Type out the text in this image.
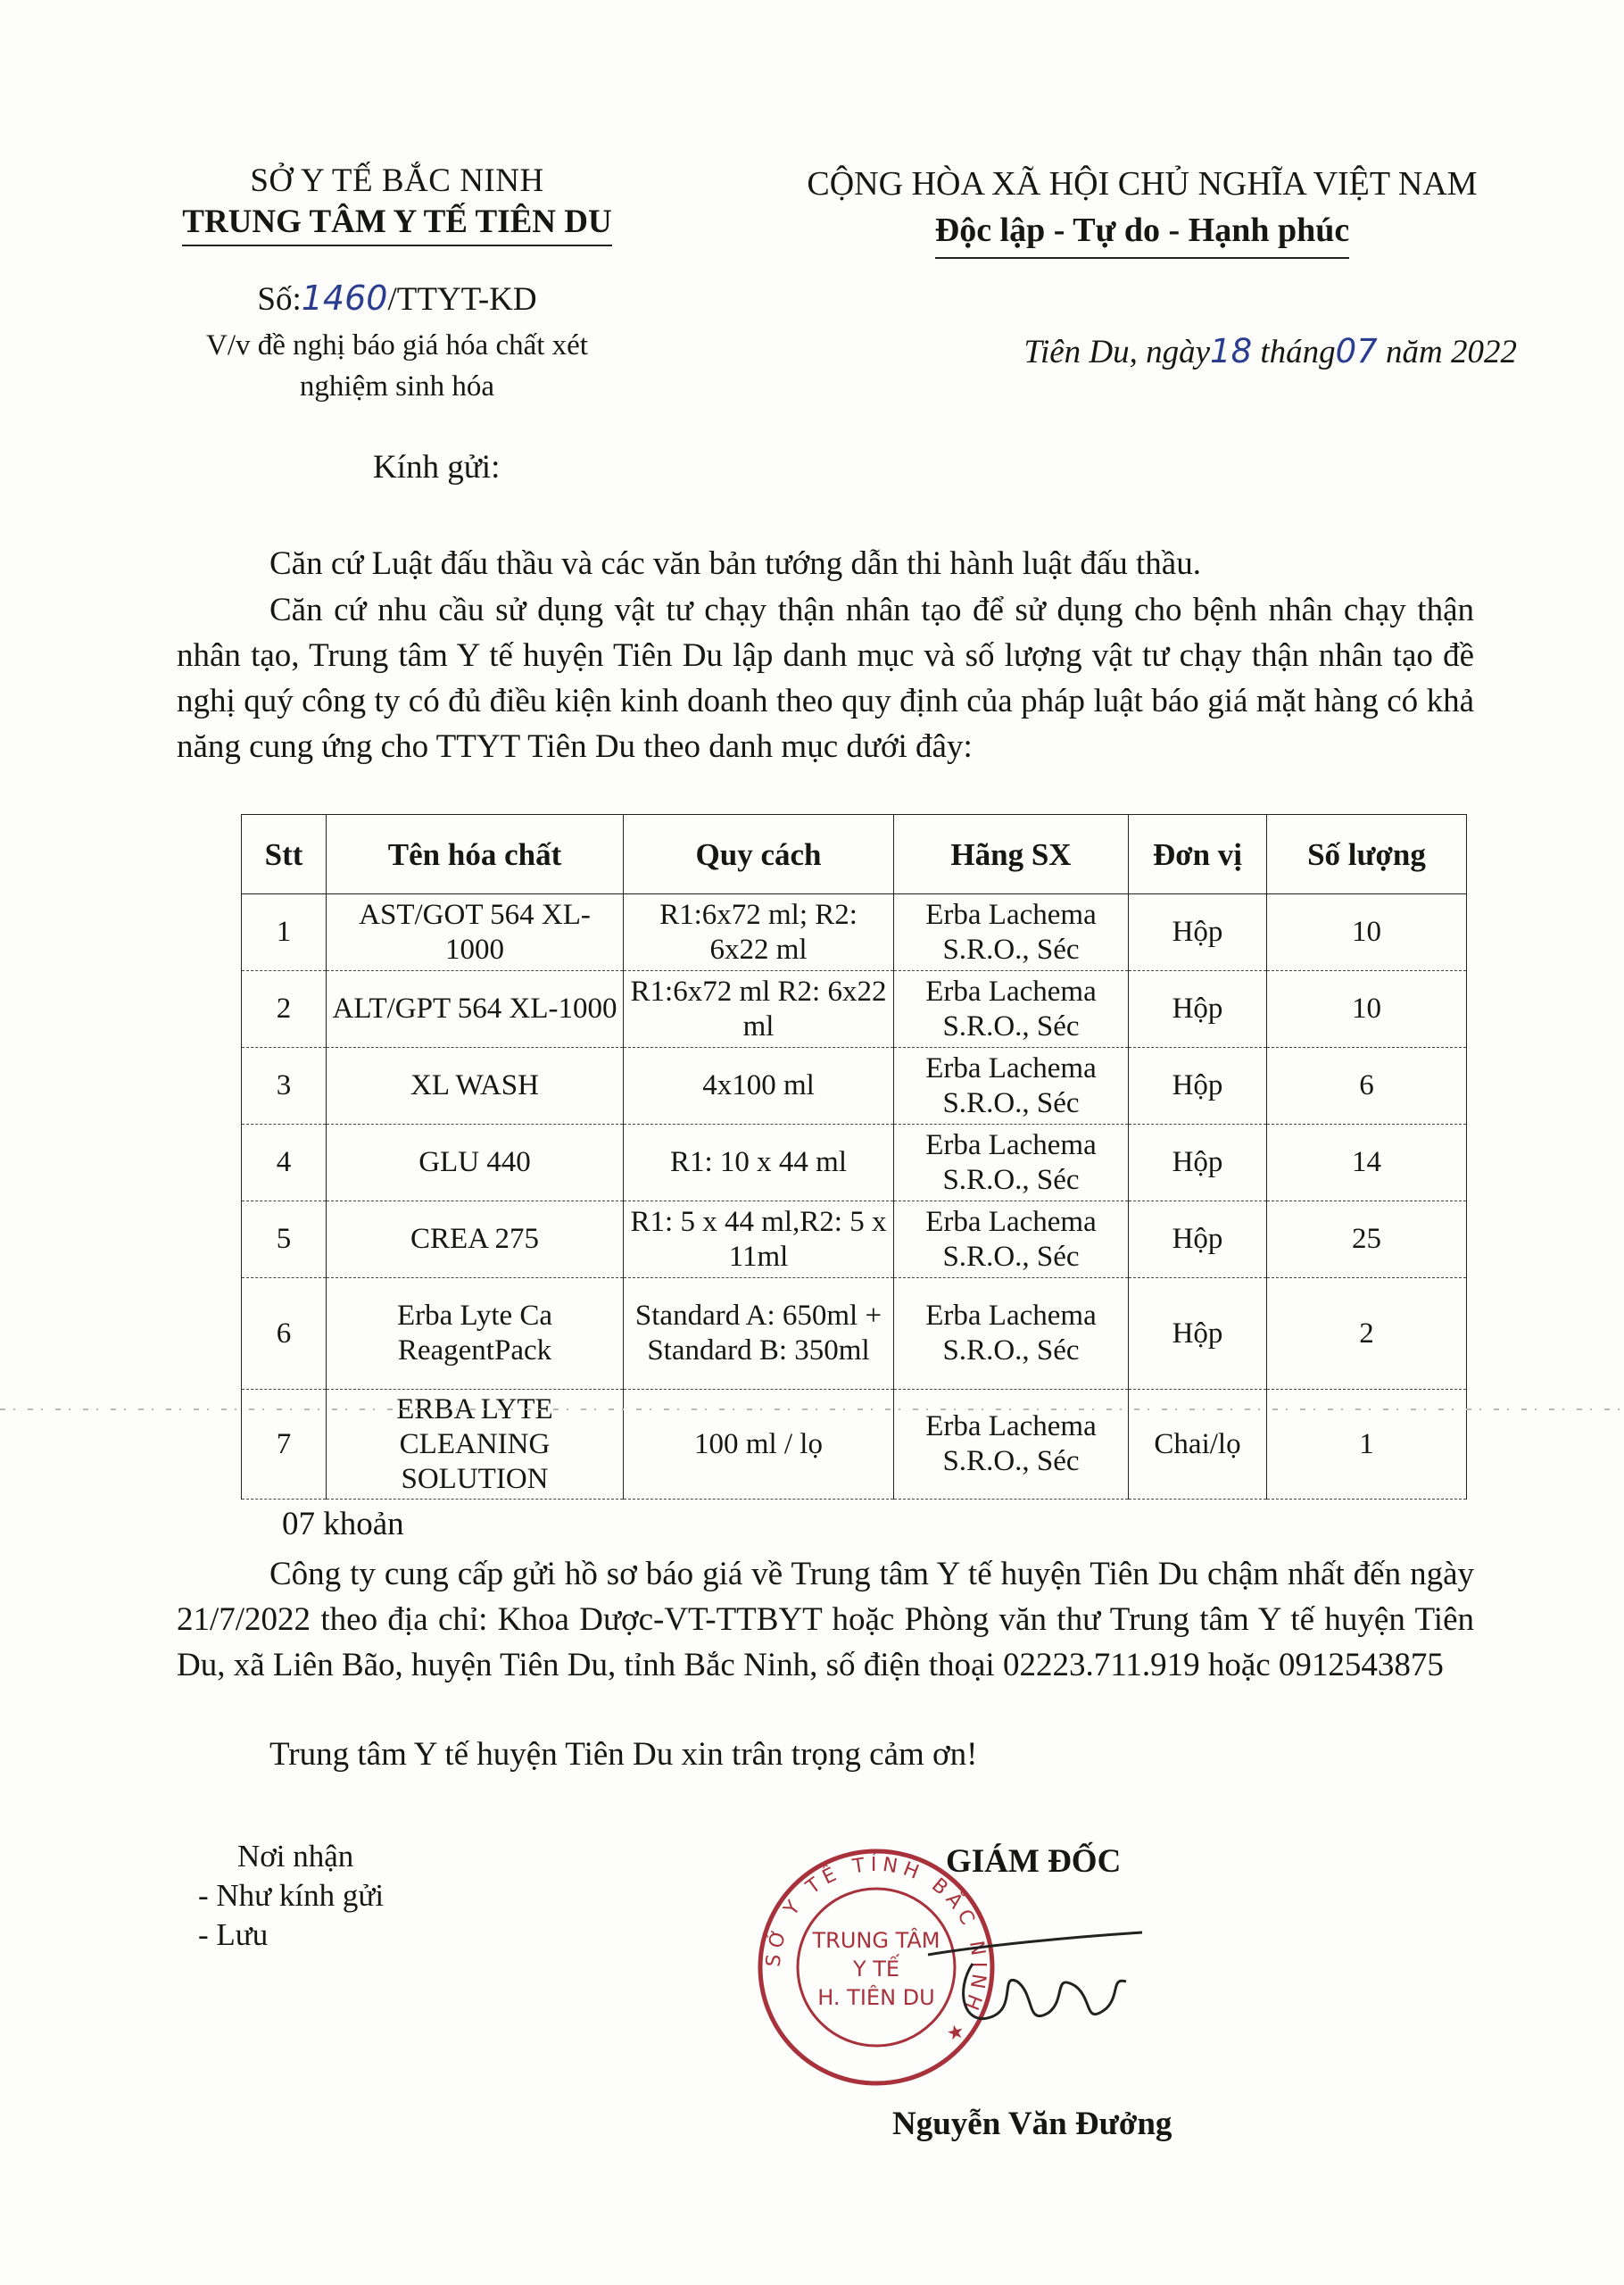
SỞ Y TẾ BẮC NINH
TRUNG TÂM Y TẾ TIÊN DU
Số:1460/TTYT-KD
V/v đề nghị báo giá hóa chất xét
nghiệm sinh hóa
CỘNG HÒA XÃ HỘI CHỦ NGHĨA VIỆT NAM
Độc lập - Tự do - Hạnh phúc
Tiên Du, ngày18 tháng07 năm 2022
Kính gửi:
Căn cứ Luật đấu thầu và các văn bản tướng dẫn thi hành luật đấu thầu.
Căn cứ nhu cầu sử dụng vật tư chạy thận nhân tạo để sử dụng cho bệnh nhân chạy thận nhân tạo, Trung tâm Y tế huyện Tiên Du lập danh mục và số lượng vật tư chạy thận nhân tạo đề nghị quý công ty có đủ điều kiện kinh doanh theo quy định của pháp luật báo giá mặt hàng có khả năng cung ứng cho TTYT Tiên Du theo danh mục dưới đây:
Stt	Tên hóa chất	Quy cách	Hãng SX	Đơn vị	Số lượng
1	AST/GOT 564 XL-1000	R1:6x72 ml; R2: 6x22 ml	Erba Lachema S.R.O., Séc	Hộp	10
2	ALT/GPT 564 XL-1000	R1:6x72 ml R2: 6x22 ml	Erba Lachema S.R.O., Séc	Hộp	10
3	XL WASH	4x100 ml	Erba Lachema S.R.O., Séc	Hộp	6
4	GLU 440	R1: 10 x 44 ml	Erba Lachema S.R.O., Séc	Hộp	14
5	CREA 275	R1: 5 x 44 ml,R2: 5 x 11ml	Erba Lachema S.R.O., Séc	Hộp	25
6	Erba Lyte Ca ReagentPack	Standard A: 650ml + Standard B: 350ml	Erba Lachema S.R.O., Séc	Hộp	2
7	ERBA LYTE CLEANING SOLUTION	100 ml / lọ	Erba Lachema S.R.O., Séc	Chai/lọ	1
07 khoản
Công ty cung cấp gửi hồ sơ báo giá về Trung tâm Y tế huyện Tiên Du chậm nhất đến ngày 21/7/2022 theo địa chỉ: Khoa Dược-VT-TTBYT hoặc Phòng văn thư Trung tâm Y tế huyện Tiên Du, xã Liên Bão, huyện Tiên Du, tỉnh Bắc Ninh, số điện thoại 02223.711.919 hoặc 0912543875
Trung tâm Y tế huyện Tiên Du xin trân trọng cảm ơn!
Nơi nhận
- Như kính gửi
- Lưu
SỞ Y TẾ TỈNH BẮC NINH ★
TRUNG TÂM
Y TẾ
H. TIÊN DU
GIÁM ĐỐC
Nguyễn Văn Đưởng
